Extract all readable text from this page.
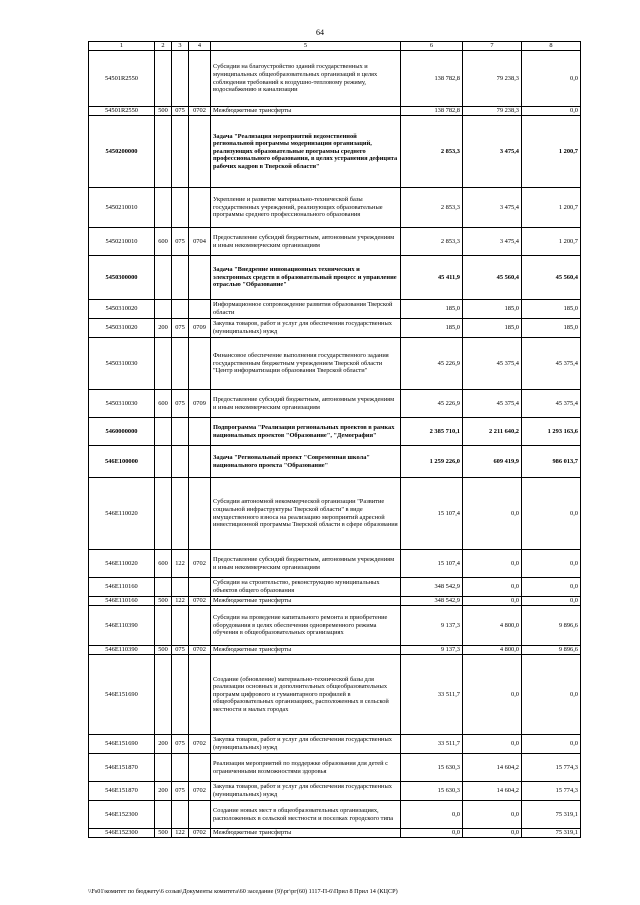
64
1	2	3	4	5	6	7	8
54501R2550				Субсидии на благоустройство зданий государственных и муниципальных общеобразовательных организаций в целях соблюдения требований к воздушно-тепловому режиму, водоснабжению и канализации	138 782,8	79 238,3	0,0
54501R2550	500	075	0702	Межбюджетные трансферты	138 782,8	79 238,3	0,0
5450200000				Задача "Реализация мероприятий ведомственной региональной программы модернизации организаций, реализующих образовательные программы среднего профессионального образования, в целях устранения дефицита рабочих кадров в Тверской области"	2 853,3	3 475,4	1 200,7
5450210010				Укрепление и развитие материально-технической базы государственных учреждений, реализующих образовательные программы среднего профессионального образования	2 853,3	3 475,4	1 200,7
5450210010	600	075	0704	Предоставление субсидий бюджетным, автономным учреждениям и иным некоммерческим организациям	2 853,3	3 475,4	1 200,7
5450300000				Задача "Внедрение инновационных технических и электронных средств в образовательный процесс и управление отраслью "Образование"	45 411,9	45 560,4	45 560,4
5450310020				Информационное сопровождение развития образования Тверской области	185,0	185,0	185,0
5450310020	200	075	0709	Закупка товаров, работ и услуг для обеспечения государственных (муниципальных) нужд	185,0	185,0	185,0
5450310030				Финансовое обеспечение выполнения государственного задания государственным бюджетным учреждением Тверской области "Центр информатизации образования Тверской области"	45 226,9	45 375,4	45 375,4
5450310030	600	075	0709	Предоставление субсидий бюджетным, автономным учреждениям и иным некоммерческим организациям	45 226,9	45 375,4	45 375,4
5460000000				Подпрограмма "Реализация региональных проектов в рамках национальных проектов "Образование", "Демография"	2 385 710,1	2 211 640,2	1 293 163,6
546E100000				Задача "Региональный проект "Современная школа" национального проекта "Образование"	1 259 226,0	609 419,9	986 013,7
546E110020				Субсидии автономной некоммерческой организации "Развитие социальной инфраструктуры Тверской области" в виде имущественного взноса на реализацию мероприятий адресной инвестиционной программы Тверской области в сфере образования	15 107,4	0,0	0,0
546E110020	600	122	0702	Предоставление субсидий бюджетным, автономным учреждениям и иным некоммерческим организациям	15 107,4	0,0	0,0
546E110160				Субсидии на строительство, реконструкцию муниципальных объектов общего образования	348 542,9	0,0	0,0
546E110160	500	122	0702	Межбюджетные трансферты	348 542,9	0,0	0,0
546E110390				Субсидии на проведение капитального ремонта и приобретение оборудования в целях обеспечения одновременного режима обучения в общеобразовательных организациях	9 137,3	4 800,0	9 896,6
546E110390	500	075	0702	Межбюджетные трансферты	9 137,3	4 800,0	9 896,6
546E151690				Создание (обновление) материально-технической базы для реализации основных и дополнительных общеобразовательных программ цифрового и гуманитарного профилей в общеобразовательных организациях, расположенных в сельской местности и малых городах	33 511,7	0,0	0,0
546E151690	200	075	0702	Закупка товаров, работ и услуг для обеспечения государственных (муниципальных) нужд	33 511,7	0,0	0,0
546E151870				Реализация мероприятий по поддержке образования для детей с ограниченными возможностями здоровья	15 630,3	14 604,2	15 774,3
546E151870	200	075	0702	Закупка товаров, работ и услуг для обеспечения государственных (муниципальных) нужд	15 630,3	14 604,2	15 774,3
546E152300				Создание новых мест в общеобразовательных организациях, расположенных в сельской местности и поселках городского типа	0,0	0,0	75 319,1
546E152300	500	122	0702	Межбюджетные трансферты	0,0	0,0	75 319,1
\\Fs01\комитет по бюджету\6 созыв\Документы комитета\60 заседание (9)\рг\рг(60) 1117-П-6\Прил 8 Прил 14 (КЦСР)
